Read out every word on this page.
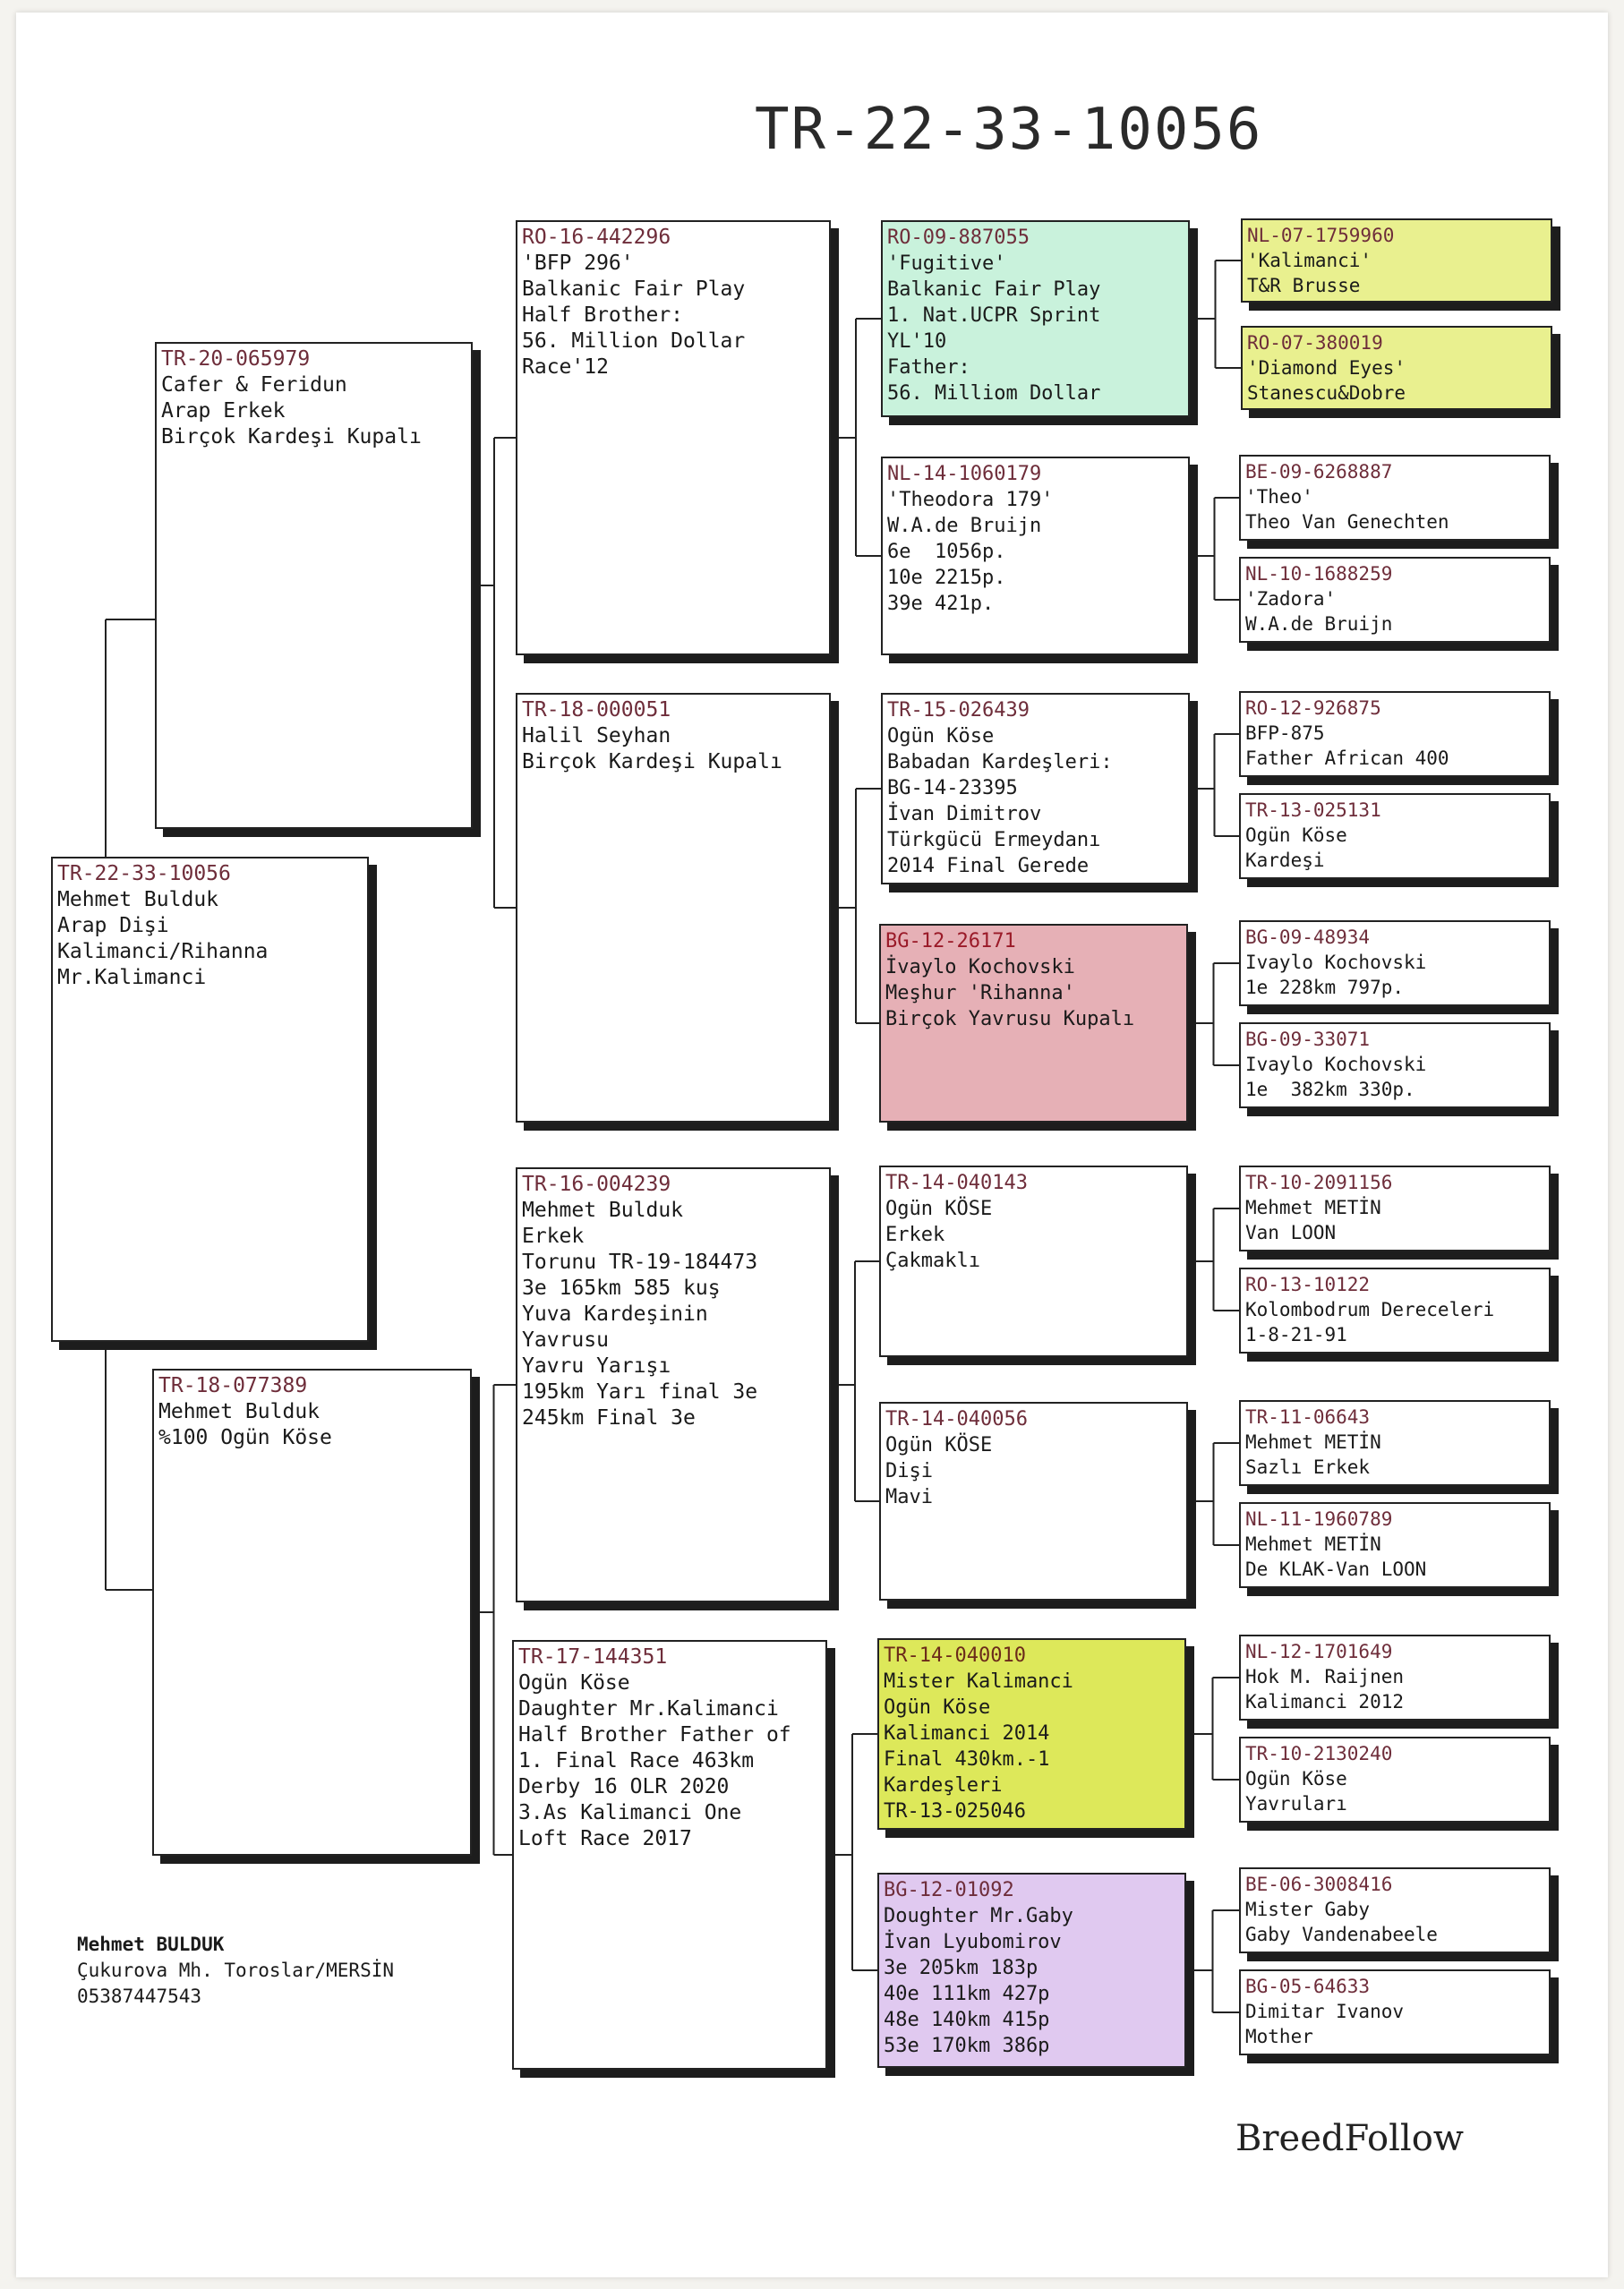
TR-22-33-10056
TR-22-33-10056
Mehmet Bulduk
Arap Dişi
Kalimanci/Rihanna
Mr.Kalimanci
TR-20-065979
Cafer & Feridun
Arap Erkek
Birçok Kardeşi Kupalı
TR-18-077389
Mehmet Bulduk
%100 Ogün Köse
RO-16-442296
'BFP 296'
Balkanic Fair Play
Half Brother:
56. Million Dollar
Race'12
TR-18-000051
Halil Seyhan
Birçok Kardeşi Kupalı
TR-16-004239
Mehmet Bulduk
Erkek
Torunu TR-19-184473
3e 165km 585 kuş
Yuva Kardeşinin
Yavrusu
Yavru Yarışı
195km Yarı final 3e
245km Final 3e
TR-17-144351
Ogün Köse
Daughter Mr.Kalimanci
Half Brother Father of
1. Final Race 463km
Derby 16 OLR 2020
3.As Kalimanci One
Loft Race 2017
RO-09-887055
'Fugitive'
Balkanic Fair Play
1. Nat.UCPR Sprint
YL'10
Father:
56. Milliom Dollar
NL-14-1060179
'Theodora 179'
W.A.de Bruijn
6e  1056p.
10e 2215p.
39e 421p.
TR-15-026439
Ogün Köse
Babadan Kardeşleri:
BG-14-23395
İvan Dimitrov
Türkgücü Ermeydanı
2014 Final Gerede
BG-12-26171
İvaylo Kochovski
Meşhur 'Rihanna'
Birçok Yavrusu Kupalı
TR-14-040143
Ogün KÖSE
Erkek
Çakmaklı
TR-14-040056
Ogün KÖSE
Dişi
Mavi
TR-14-040010
Mister Kalimanci
Ogün Köse
Kalimanci 2014
Final 430km.-1
Kardeşleri
TR-13-025046
BG-12-01092
Doughter Mr.Gaby
İvan Lyubomirov
3e 205km 183p
40e 111km 427p
48e 140km 415p
53e 170km 386p
NL-07-1759960
'Kalimanci'
T&R Brusse
RO-07-380019
'Diamond Eyes'
Stanescu&Dobre
BE-09-6268887
'Theo'
Theo Van Genechten
NL-10-1688259
'Zadora'
W.A.de Bruijn
RO-12-926875
BFP-875
Father African 400
TR-13-025131
Ogün Köse
Kardeşi
BG-09-48934
Ivaylo Kochovski
1e 228km 797p.
BG-09-33071
Ivaylo Kochovski
1e  382km 330p.
TR-10-2091156
Mehmet METİN
Van LOON
RO-13-10122
Kolombodrum Dereceleri
1-8-21-91
TR-11-06643
Mehmet METİN
Sazlı Erkek
NL-11-1960789
Mehmet METİN
De KLAK-Van LOON
NL-12-1701649
Hok M. Raijnen
Kalimanci 2012
TR-10-2130240
Ogün Köse
Yavruları
BE-06-3008416
Mister Gaby
Gaby Vandenabeele
BG-05-64633
Dimitar Ivanov
Mother
Mehmet BULDUK
Çukurova Mh. Toroslar/MERSİN
05387447543
BreedFollow
